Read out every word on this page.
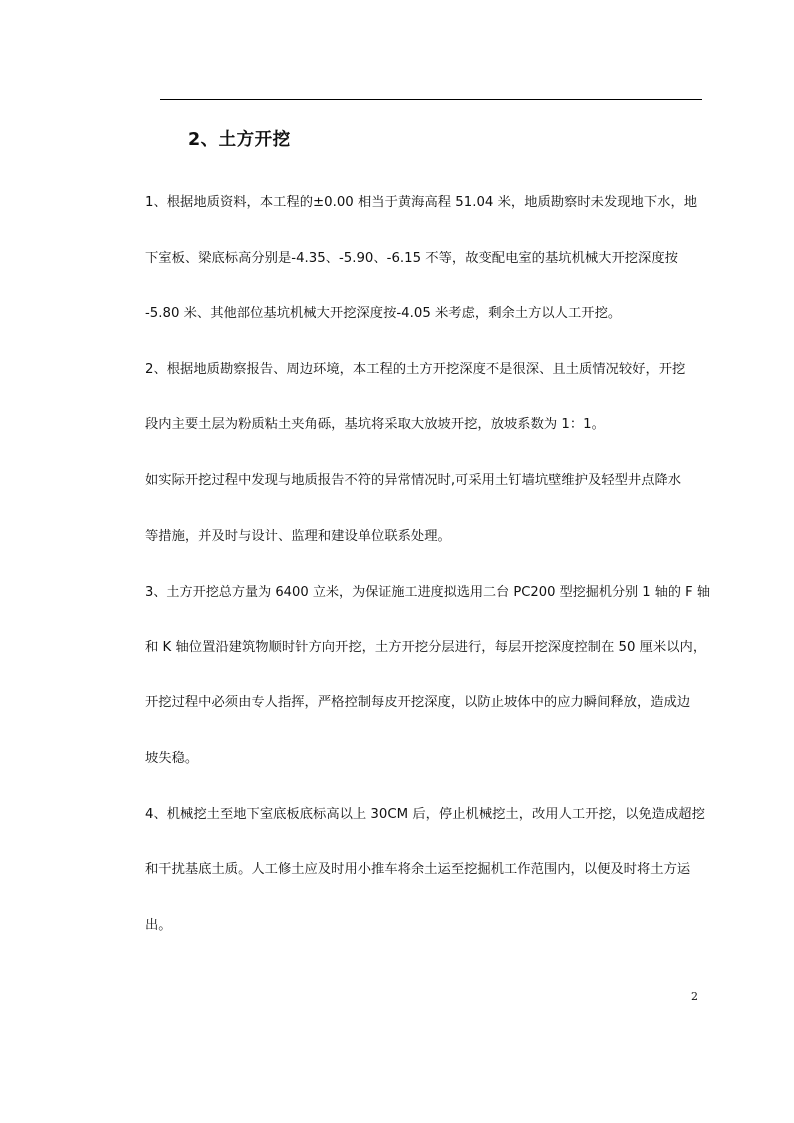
2、土方开挖
1、根据地质资料，本工程的±0.00 相当于黄海高程 51.04 米，地质勘察时未发现地下水，地
下室板、梁底标高分别是-4.35、-5.90、-6.15 不等，故变配电室的基坑机械大开挖深度按
-5.80 米、其他部位基坑机械大开挖深度按-4.05 米考虑，剩余土方以人工开挖。
2、根据地质勘察报告、周边环境，本工程的土方开挖深度不是很深、且土质情况较好，开挖
段内主要土层为粉质粘土夹角砾，基坑将采取大放坡开挖，放坡系数为 1：1。
如实际开挖过程中发现与地质报告不符的异常情况时,可采用土钉墙坑壁维护及轻型井点降水
等措施，并及时与设计、监理和建设单位联系处理。
3、土方开挖总方量为 6400 立米，为保证施工进度拟选用二台 PC200 型挖掘机分别 1 轴的 F 轴
和 K 轴位置沿建筑物顺时针方向开挖，土方开挖分层进行，每层开挖深度控制在 50 厘米以内，
开挖过程中必须由专人指挥，严格控制每皮开挖深度，以防止坡体中的应力瞬间释放，造成边
坡失稳。
4、机械挖土至地下室底板底标高以上 30CM 后，停止机械挖土，改用人工开挖，以免造成超挖
和干扰基底土质。人工修土应及时用小推车将余土运至挖掘机工作范围内，以便及时将土方运
出。
2
